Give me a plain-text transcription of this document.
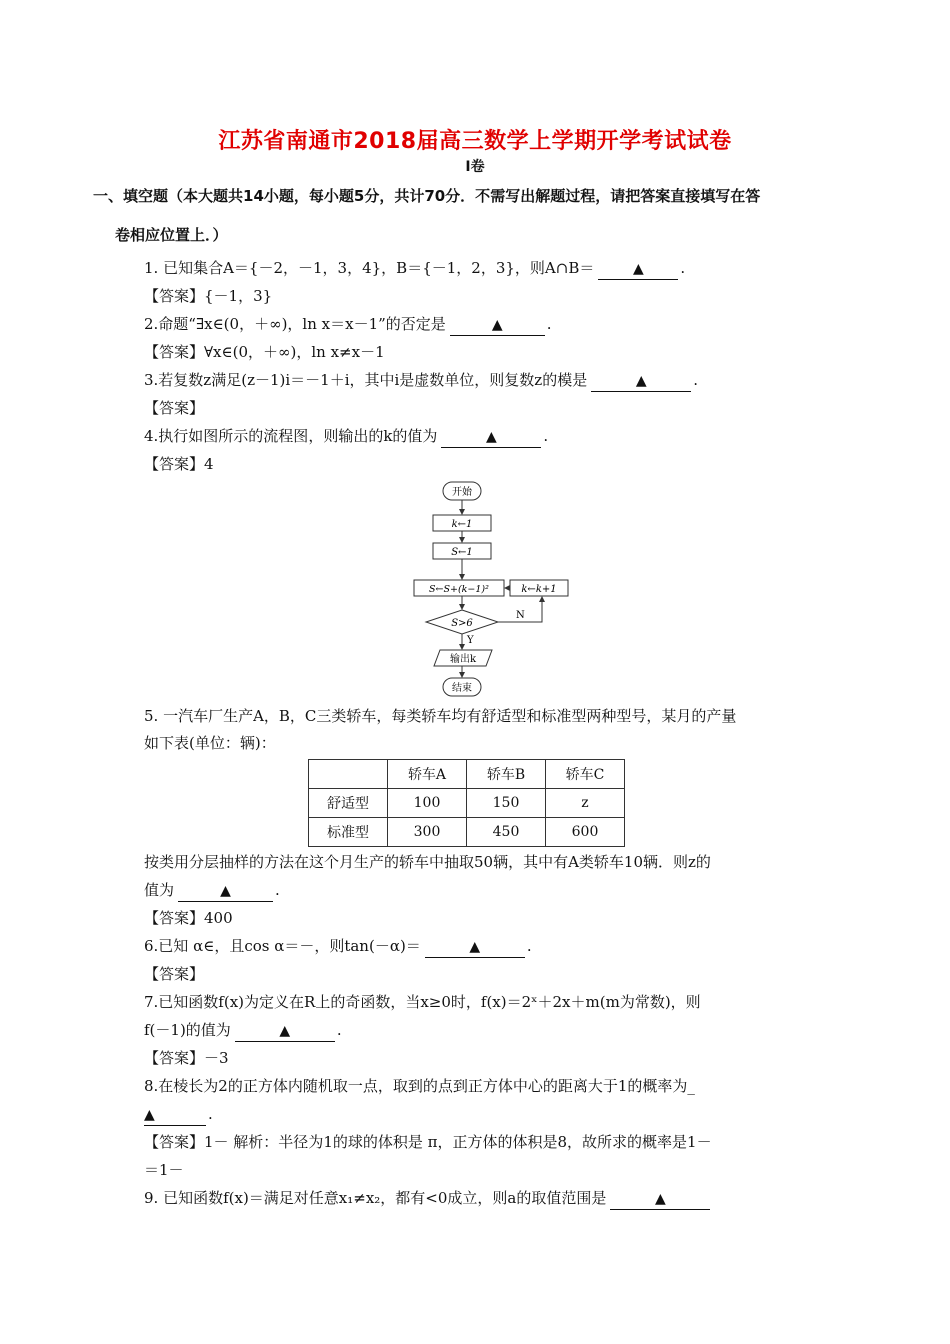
江苏省南通市2018届高三数学上学期开学考试试卷
I卷
一、填空题（本大题共14小题，每小题5分，共计70分．不需写出解题过程，请把答案直接填写在答
卷相应位置上．）
1. 已知集合A＝{－2，－1，3，4}，B＝{－1，2，3}，则A∩B＝	▲ .
【答案】{－1，3}
2.命题“∃x∈(0，＋∞)，ln x＝x－1”的否定是	▲	.
【答案】∀x∈(0，＋∞)，ln x≠x－1
3.若复数z满足(z－1)i＝－1＋i，其中i是虚数单位，则复数z的模是	▲	.
【答案】
4.执行如图所示的流程图，则输出的k的值为	▲	.
【答案】4
开始
k←1
S←1
S←S+(k−1)²	k←k+1
S>6
N
Y
输出k
结束
5. 一汽车厂生产A，B，C三类轿车，每类轿车均有舒适型和标准型两种型号，某月的产量
如下表(单位：辆)：
	轿车A	轿车B	轿车C
舒适型	100	150	z
标准型	300	450	600
按类用分层抽样的方法在这个月生产的轿车中抽取50辆，其中有A类轿车10辆．则z的
值为	▲	.
【答案】400
6.已知 α∈，且cos α＝－，则tan(－α)＝	▲	.
【答案】
7.已知函数f(x)为定义在R上的奇函数，当x≥0时，f(x)＝2ˣ＋2x＋m(m为常数)，则
f(－1)的值为	▲	.
【答案】－3
8.在棱长为2的正方体内随机取一点，取到的点到正方体中心的距离大于1的概率为_
▲	.
【答案】1－ 解析：半径为1的球的体积是 π，正方体的体积是8，故所求的概率是1－
＝1－
9. 已知函数f(x)＝满足对任意x₁≠x₂，都有<0成立，则a的取值范围是	▲
